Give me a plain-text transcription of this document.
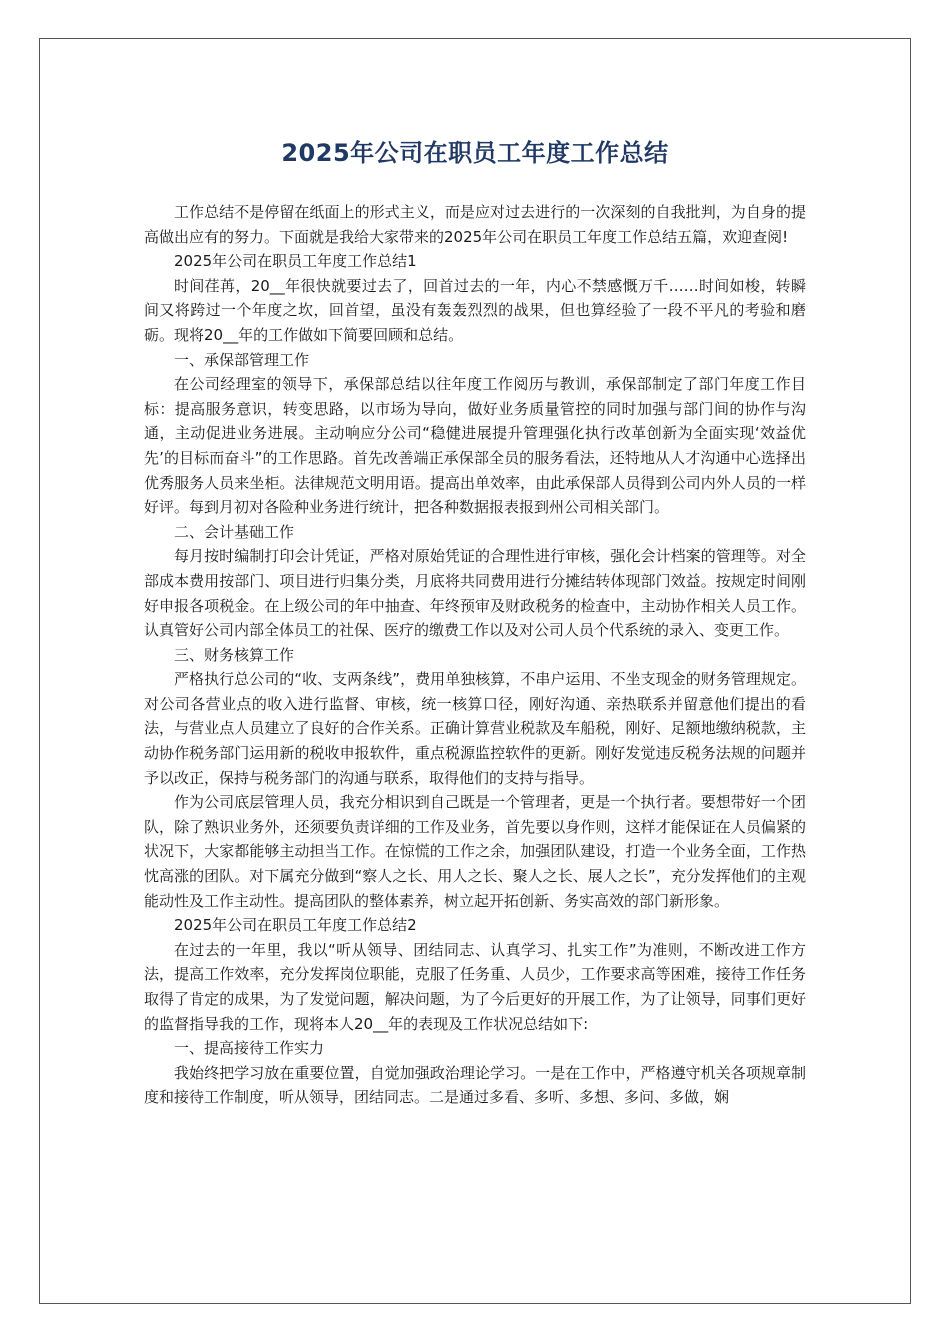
2025年公司在职员工年度工作总结

工作总结不是停留在纸面上的形式主义，而是应对过去进行的一次深刻的自我批判，为自身的提高做出应有的努力。下面就是我给大家带来的2025年公司在职员工年度工作总结五篇，欢迎查阅!

2025年公司在职员工年度工作总结1

时间荏苒，20__年很快就要过去了，回首过去的一年，内心不禁感慨万千……时间如梭，转瞬间又将跨过一个年度之坎，回首望，虽没有轰轰烈烈的战果，但也算经验了一段不平凡的考验和磨砺。现将20__年的工作做如下简要回顾和总结。

一、承保部管理工作

在公司经理室的领导下，承保部总结以往年度工作阅历与教训，承保部制定了部门年度工作目标：提高服务意识，转变思路，以市场为导向，做好业务质量管控的同时加强与部门间的协作与沟通，主动促进业务进展。主动响应分公司“稳健进展提升管理强化执行改革创新为全面实现‘效益优先’的目标而奋斗”的工作思路。首先改善端正承保部全员的服务看法，还特地从人才沟通中心选择出优秀服务人员来坐柜。法律规范文明用语。提高出单效率，由此承保部人员得到公司内外人员的一样好评。每到月初对各险种业务进行统计，把各种数据报表报到州公司相关部门。

二、会计基础工作

每月按时编制打印会计凭证，严格对原始凭证的合理性进行审核，强化会计档案的管理等。对全部成本费用按部门、项目进行归集分类，月底将共同费用进行分摊结转体现部门效益。按规定时间刚好申报各项税金。在上级公司的年中抽查、年终预审及财政税务的检查中，主动协作相关人员工作。认真管好公司内部全体员工的社保、医疗的缴费工作以及对公司人员个代系统的录入、变更工作。

三、财务核算工作

严格执行总公司的“收、支两条线”，费用单独核算，不串户运用、不坐支现金的财务管理规定。对公司各营业点的收入进行监督、审核，统一核算口径，刚好沟通、亲热联系并留意他们提出的看法，与营业点人员建立了良好的合作关系。正确计算营业税款及车船税，刚好、足额地缴纳税款，主动协作税务部门运用新的税收申报软件，重点税源监控软件的更新。刚好发觉违反税务法规的问题并予以改正，保持与税务部门的沟通与联系，取得他们的支持与指导。

作为公司底层管理人员，我充分相识到自己既是一个管理者，更是一个执行者。要想带好一个团队，除了熟识业务外，还须要负责详细的工作及业务，首先要以身作则，这样才能保证在人员偏紧的状况下，大家都能够主动担当工作。在惊慌的工作之余，加强团队建设，打造一个业务全面，工作热忱高涨的团队。对下属充分做到“察人之长、用人之长、聚人之长、展人之长”，充分发挥他们的主观能动性及工作主动性。提高团队的整体素养，树立起开拓创新、务实高效的部门新形象。

2025年公司在职员工年度工作总结2

在过去的一年里，我以“听从领导、团结同志、认真学习、扎实工作”为准则，不断改进工作方法，提高工作效率，充分发挥岗位职能，克服了任务重、人员少，工作要求高等困难，接待工作任务取得了肯定的成果，为了发觉问题，解决问题，为了今后更好的开展工作，为了让领导，同事们更好的监督指导我的工作，现将本人20__年的表现及工作状况总结如下:

一、提高接待工作实力

我始终把学习放在重要位置，自觉加强政治理论学习。一是在工作中，严格遵守机关各项规章制度和接待工作制度，听从领导，团结同志。二是通过多看、多听、多想、多问、多做，娴
